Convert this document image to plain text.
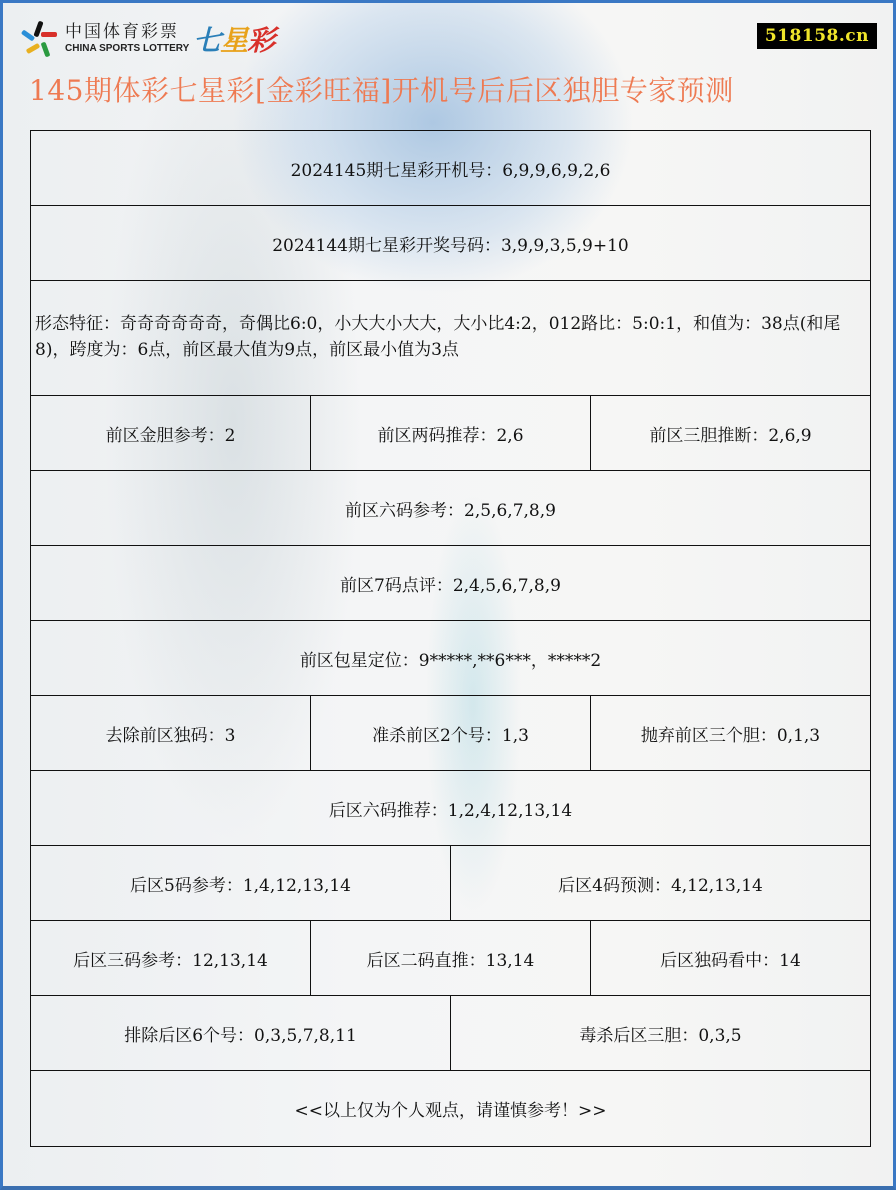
中国体育彩票
CHINA SPORTS LOTTERY 七星彩	518158.cn
145期体彩七星彩[金彩旺福]开机号后后区独胆专家预测
2024145期七星彩开机号：6,9,9,6,9,2,6
2024144期七星彩开奖号码：3,9,9,3,5,9+10
形态特征：奇奇奇奇奇奇，奇偶比6:0，小大大小大大，大小比4:2，012路比：5:0:1，和值为：38点(和尾8)，跨度为：6点，前区最大值为9点，前区最小值为3点
前区金胆参考：2	前区两码推荐：2,6	前区三胆推断：2,6,9
前区六码参考：2,5,6,7,8,9
前区7码点评：2,4,5,6,7,8,9
前区包星定位：9*****,**6***，*****2
去除前区独码：3	准杀前区2个号：1,3	抛弃前区三个胆：0,1,3
后区六码推荐：1,2,4,12,13,14
后区5码参考：1,4,12,13,14	后区4码预测：4,12,13,14
后区三码参考：12,13,14	后区二码直推：13,14	后区独码看中：14
排除后区6个号：0,3,5,7,8,11	毒杀后区三胆：0,3,5
<<以上仅为个人观点，请谨慎参考！>>
